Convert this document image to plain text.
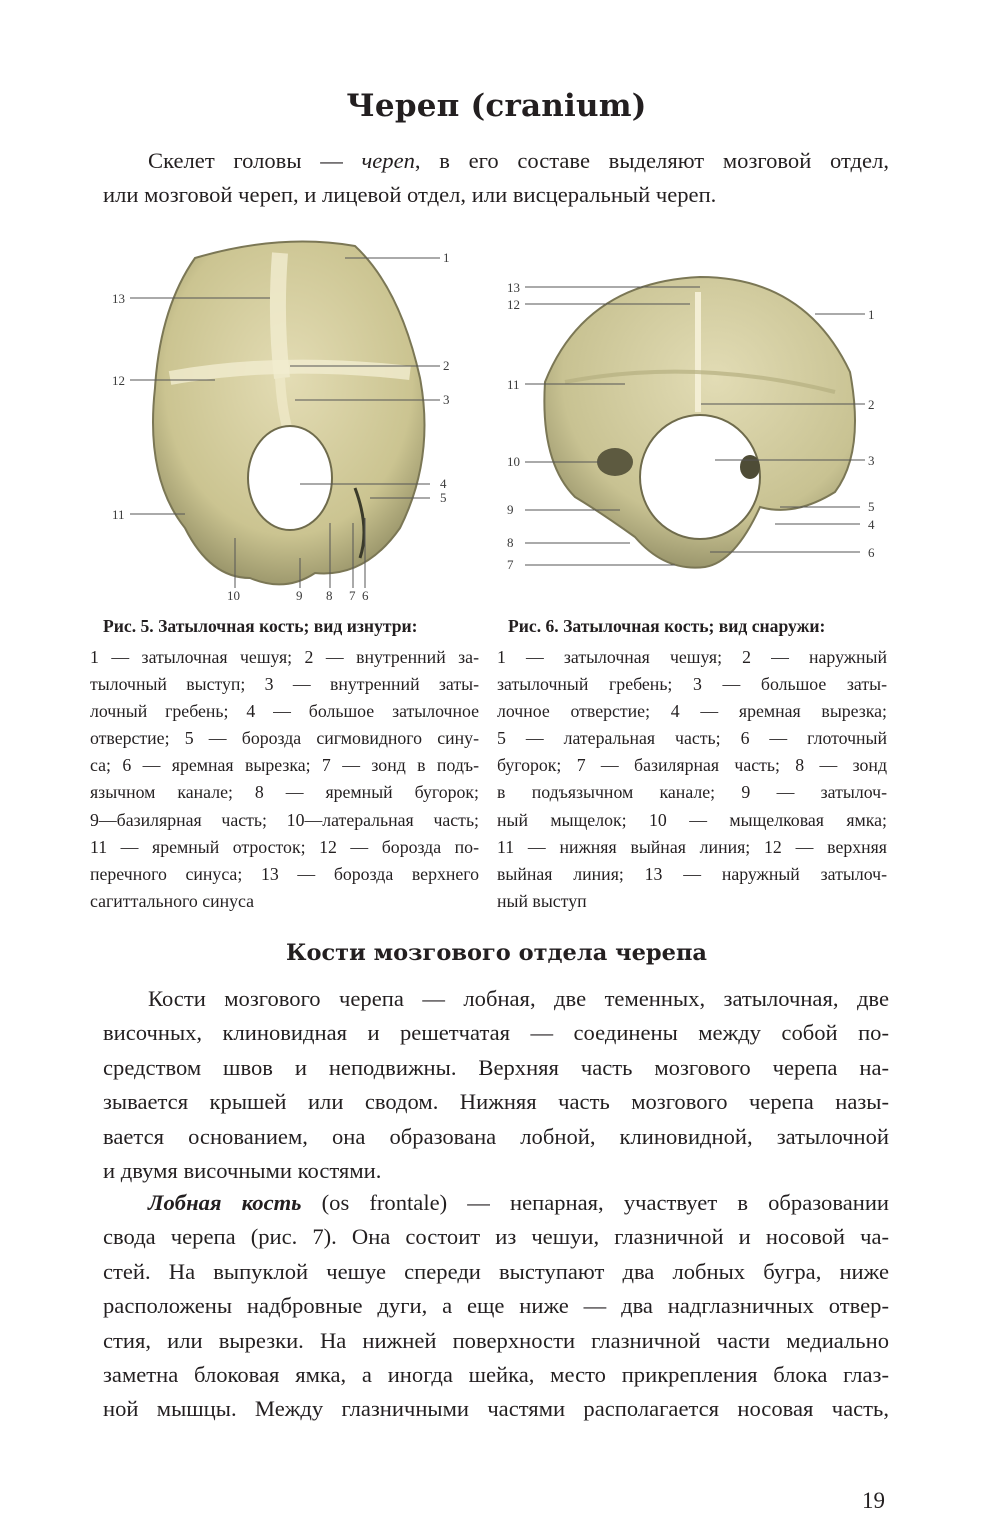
Череп (cranium)
Скелет головы — череп, в его составе выделяют мозговой отдел,
или мозговой череп, и лицевой отдел, или висцеральный череп.
1
2
3
4
5
6
7
8
9
10
11
12
13
13
12
1
11
2
10	3
9	5
4
8
6
7
Рис. 5. Затылочная кость; вид изнутри:
1 — затылочная чешуя; 2 — внутренний за-
тылочный выступ; 3 — внутренний заты-
лочный гребень; 4 — большое затылочное
отверстие; 5 — борозда сигмовидного сину-
са; 6 — яремная вырезка; 7 — зонд в подъ-
язычном канале; 8 — яремный бугорок;
9—базилярная часть; 10—латеральная часть;
11 — яремный отросток; 12 — борозда по-
перечного синуса; 13 — борозда верхнего
сагиттального синуса
Рис. 6. Затылочная кость; вид снаружи:
1 — затылочная чешуя; 2 — наружный
затылочный гребень; 3 — большое заты-
лочное отверстие; 4 — яремная вырезка;
5 — латеральная часть; 6 — глоточный
бугорок; 7 — базилярная часть; 8 — зонд
в подъязычном канале; 9 — затылоч-
ный мыщелок; 10 — мыщелковая ямка;
11 — нижняя выйная линия; 12 — верхняя
выйная линия; 13 — наружный затылоч-
ный выступ
Кости мозгового отдела черепа
Кости мозгового черепа — лобная, две теменных, затылочная, две
височных, клиновидная и решетчатая — соединены между собой по-
средством швов и неподвижны. Верхняя часть мозгового черепа на-
зывается крышей или сводом. Нижняя часть мозгового черепа назы-
вается основанием, она образована лобной, клиновидной, затылочной
и двумя височными костями.
Лобная кость (os frontale) — непарная, участвует в образовании
свода черепа (рис. 7). Она состоит из чешуи, глазничной и носовой ча-
стей. На выпуклой чешуе спереди выступают два лобных бугра, ниже
расположены надбровные дуги, а еще ниже — два надглазничных отвер-
стия, или вырезки. На нижней поверхности глазничной части медиально
заметна блоковая ямка, а иногда шейка, место прикрепления блока глаз-
ной мышцы. Между глазничными частями располагается носовая часть,
19
